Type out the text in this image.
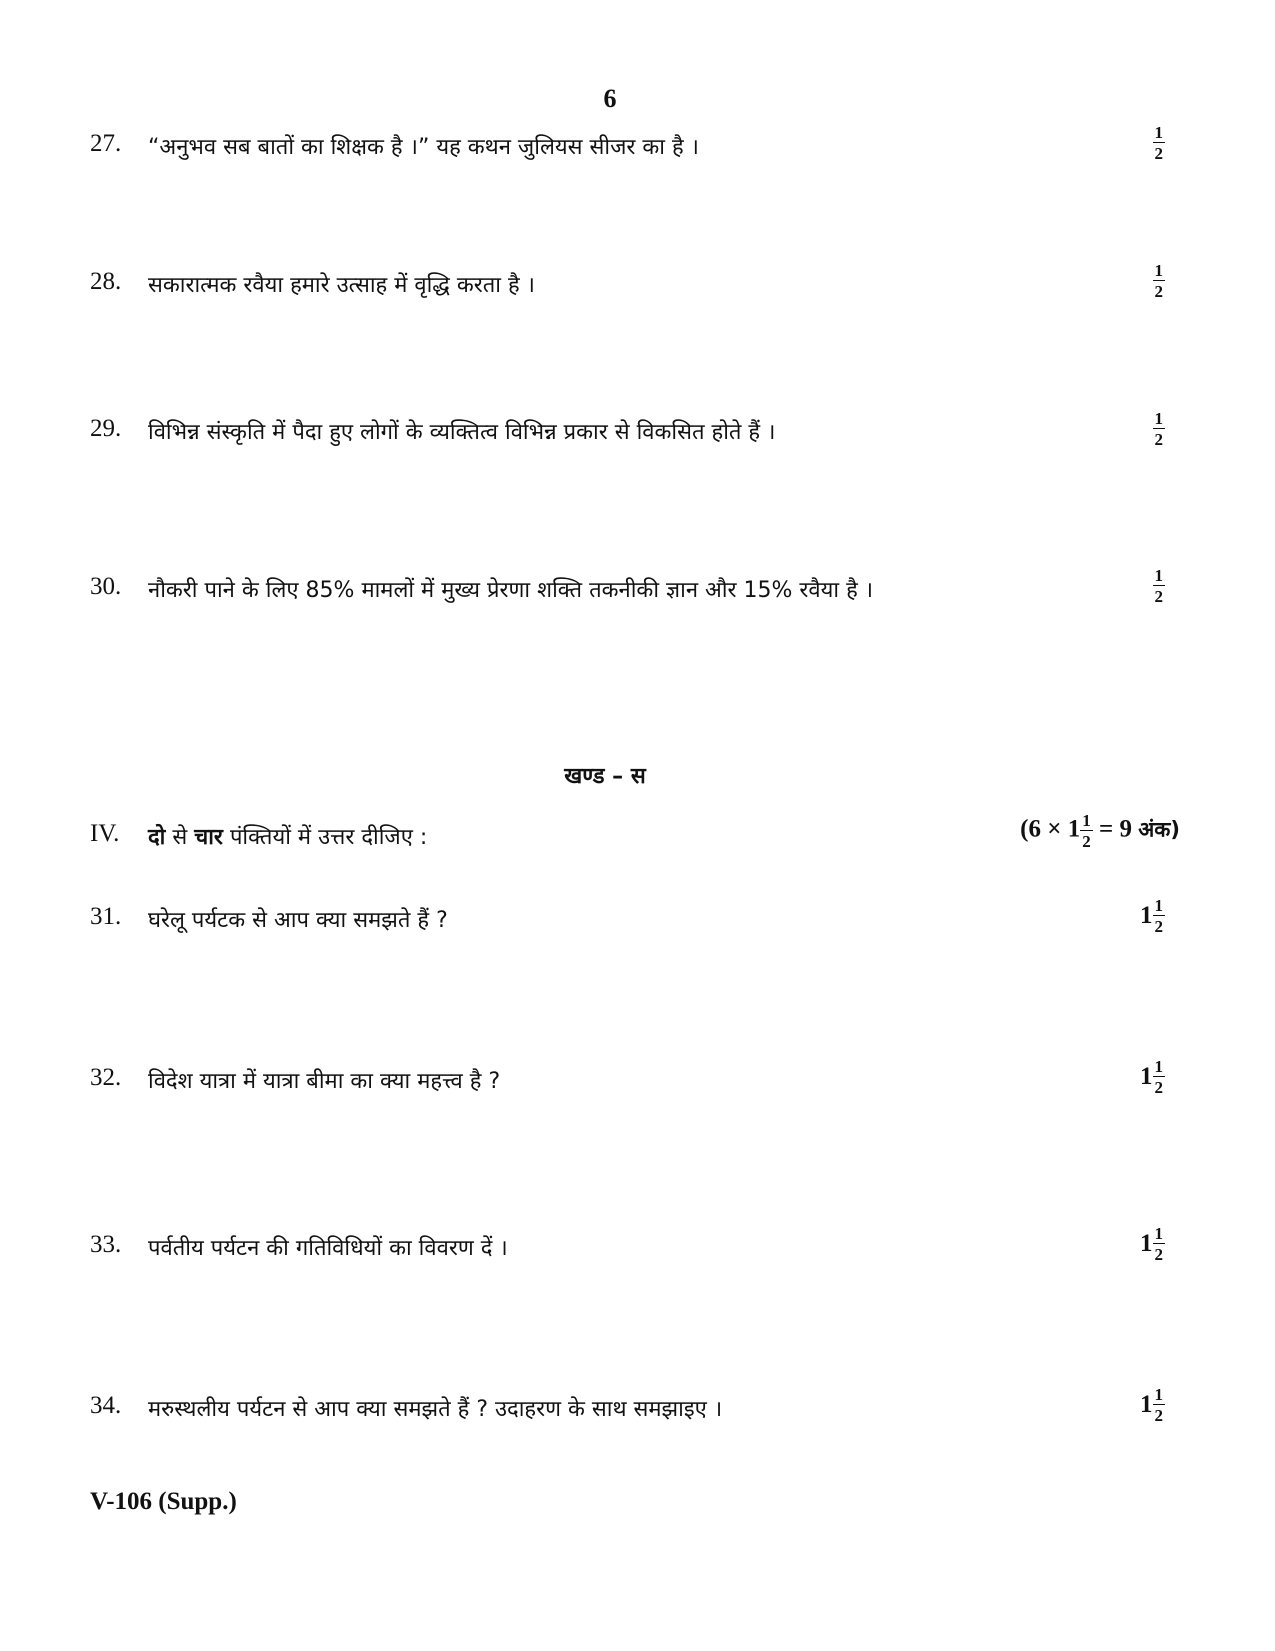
6
27.	“अनुभव सब बातों का शिक्षक है ।” यह कथन जुलियस सीजर का है ।	$\frac{1}{2}$
28.	सकारात्मक रवैया हमारे उत्साह में वृद्धि करता है ।	$\frac{1}{2}$
29.	विभिन्न संस्कृति में पैदा हुए लोगों के व्यक्तित्व विभिन्न प्रकार से विकसित होते हैं ।	$\frac{1}{2}$
30.	नौकरी पाने के लिए 85% मामलों में मुख्य प्रेरणा शक्ति तकनीकी ज्ञान और 15% रवैया है ।	$\frac{1}{2}$
खण्ड – स
IV.	दो से चार पंक्तियों में उत्तर दीजिए :	($6 \times 1 \frac{1}{2} = 9$ अंक)
31.	घरेलू पर्यटक से आप क्या समझते हैं ?	$1 \frac{1}{2}$
32.	विदेश यात्रा में यात्रा बीमा का क्या महत्त्व है ?	$1 \frac{1}{2}$
33.	पर्वतीय पर्यटन की गतिविधियों का विवरण दें ।	$1 \frac{1}{2}$
34.	मरुस्थलीय पर्यटन से आप क्या समझते हैं ? उदाहरण के साथ समझाइए ।	$1 \frac{1}{2}$
V-106 (Supp.)
